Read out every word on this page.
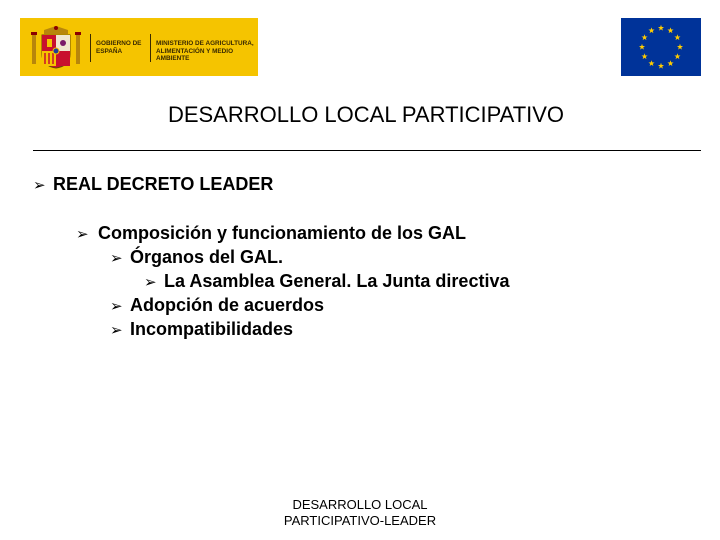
GOBIERNO DE ESPAÑA
MINISTERIO DE AGRICULTURA, ALIMENTACIÓN Y MEDIO AMBIENTE
DESARROLLO LOCAL PARTICIPATIVO
➢ REAL DECRETO LEADER
➢ Composición y funcionamiento de los GAL
➢ Órganos del GAL.
➢ La Asamblea General. La Junta directiva
➢ Adopción de acuerdos
➢ Incompatibilidades
DESARROLLO LOCAL
PARTICIPATIVO-LEADER
